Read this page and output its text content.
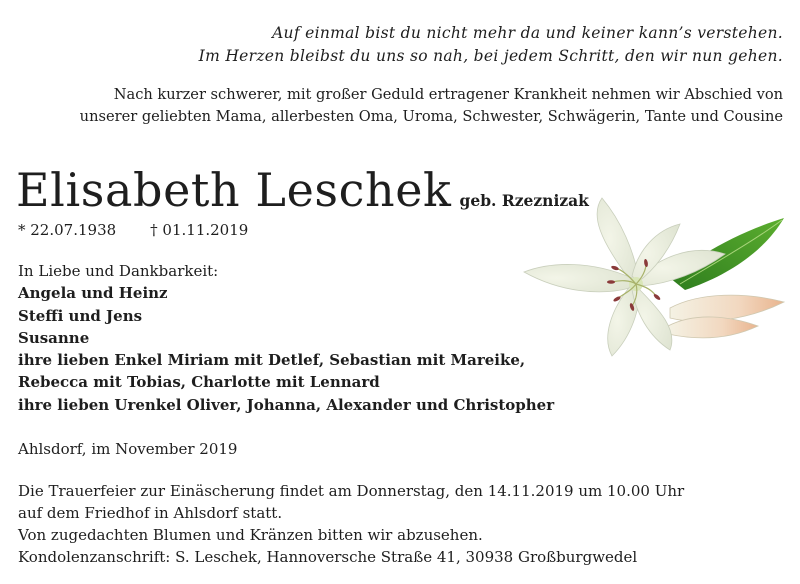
Auf einmal bist du nicht mehr da und keiner kann’s verstehen.
Im Herzen bleibst du uns so nah, bei jedem Schritt, den wir nun gehen.
Nach kurzer schwerer, mit großer Geduld ertragener Krankheit nehmen wir Abschied von
unserer geliebten Mama, allerbesten Oma, Uroma, Schwester, Schwägerin, Tante und Cousine
Elisabeth Leschek geb. Rzeznizak
* 22.07.1938 † 01.11.2019
In Liebe und Dankbarkeit:
Angela und Heinz
Steffi und Jens
Susanne
ihre lieben Enkel Miriam mit Detlef, Sebastian mit Mareike,
Rebecca mit Tobias, Charlotte mit Lennard
ihre lieben Urenkel Oliver, Johanna, Alexander und Christopher
Ahlsdorf, im November 2019
Die Trauerfeier zur Einäscherung findet am Donnerstag, den 14.11.2019 um 10.00 Uhr
auf dem Friedhof in Ahlsdorf statt.
Von zugedachten Blumen und Kränzen bitten wir abzusehen.
Kondolenzanschrift: S. Leschek, Hannoversche Straße 41, 30938 Großburgwedel
